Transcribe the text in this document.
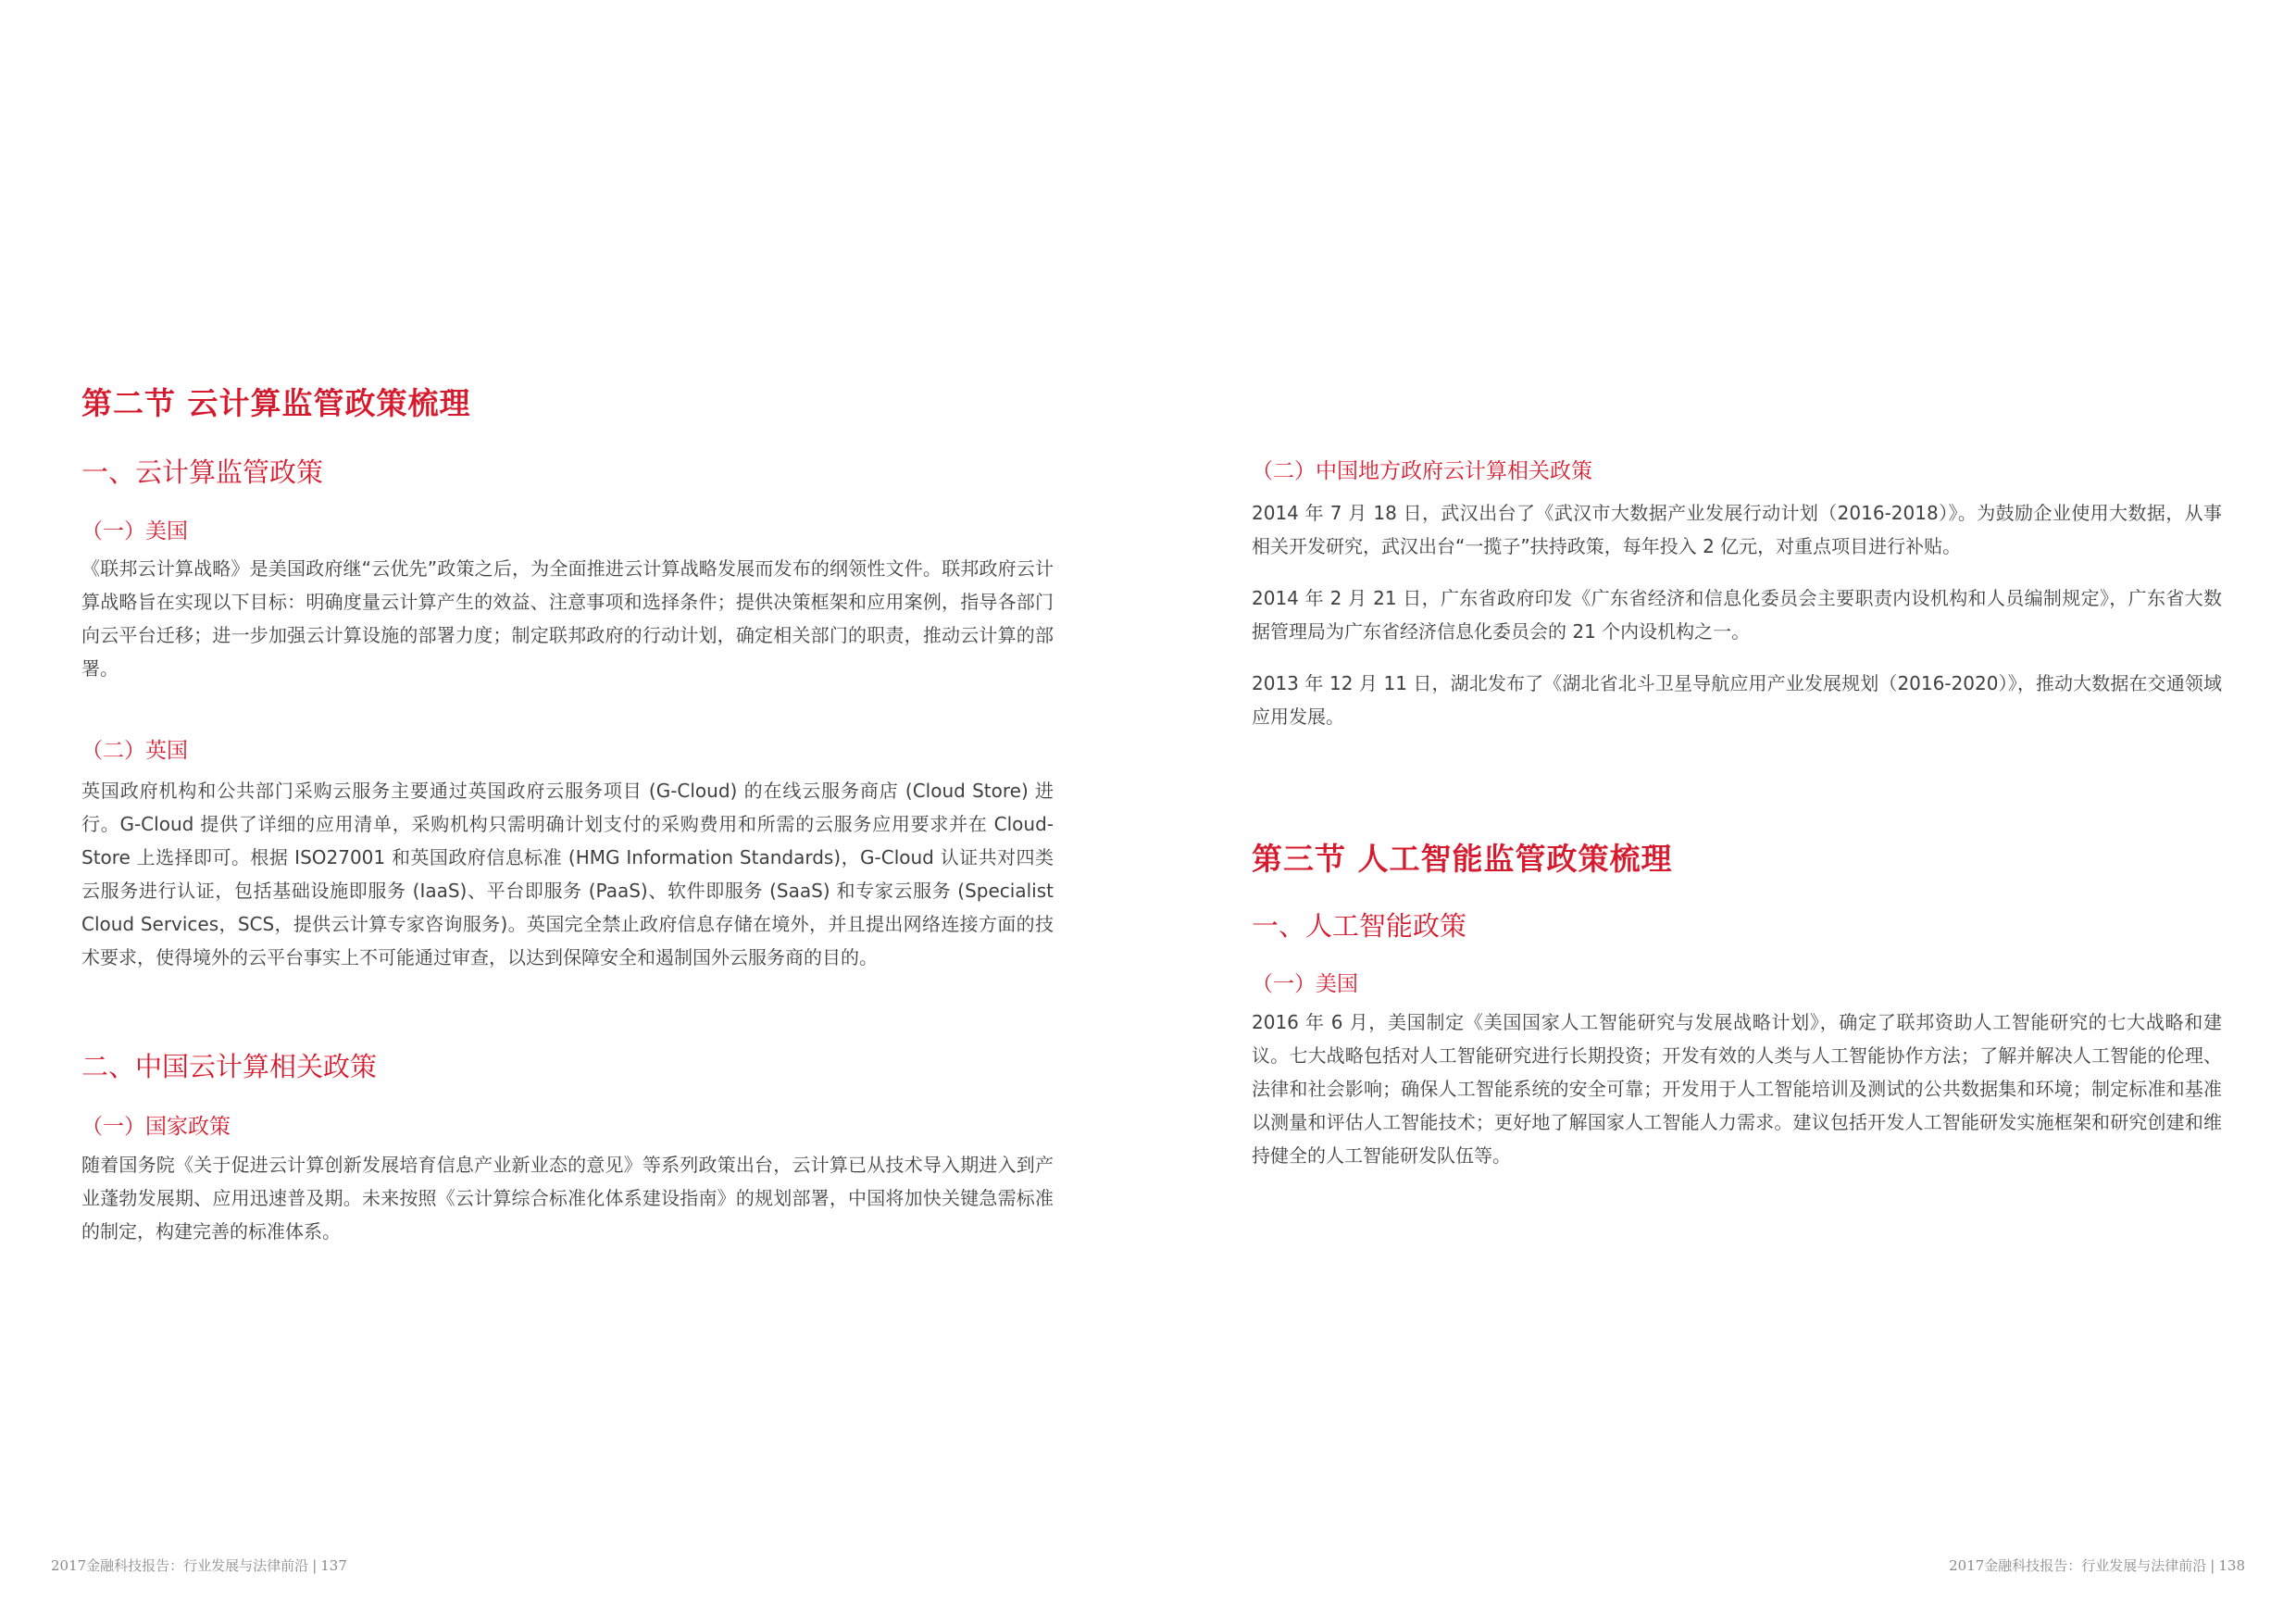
第二节 云计算监管政策梳理
一、云计算监管政策
（一）美国

《联邦云计算战略》是美国政府继“云优先”政策之后，为全面推进云计算战略发展而发布的纲领性文件。联邦政府云计算战略旨在实现以下目标：明确度量云计算产生的效益、注意事项和选择条件；提供决策框架和应用案例，指导各部门向云平台迁移；进一步加强云计算设施的部署力度；制定联邦政府的行动计划，确定相关部门的职责，推动云计算的部署。

（二）英国

英国政府机构和公共部门采购云服务主要通过英国政府云服务项目 (G-Cloud) 的在线云服务商店 (Cloud Store) 进行。G-Cloud 提供了详细的应用清单，采购机构只需明确计划支付的采购费用和所需的云服务应用要求并在 Cloud-Store 上选择即可。根据 ISO27001 和英国政府信息标准 (HMG Information Standards)，G-Cloud 认证共对四类云服务进行认证，包括基础设施即服务 (IaaS)、平台即服务 (PaaS)、软件即服务 (SaaS) 和专家云服务 (Specialist Cloud Services，SCS，提供云计算专家咨询服务)。英国完全禁止政府信息存储在境外，并且提出网络连接方面的技术要求，使得境外的云平台事实上不可能通过审查，以达到保障安全和遏制国外云服务商的目的。

二、中国云计算相关政策
（一）国家政策

随着国务院《关于促进云计算创新发展培育信息产业新业态的意见》等系列政策出台，云计算已从技术导入期进入到产业蓬勃发展期、应用迅速普及期。未来按照《云计算综合标准化体系建设指南》的规划部署，中国将加快关键急需标准的制定，构建完善的标准体系。

（二）中国地方政府云计算相关政策

2014 年 7 月 18 日，武汉出台了《武汉市大数据产业发展行动计划（2016-2018）》。为鼓励企业使用大数据，从事相关开发研究，武汉出台“一揽子”扶持政策，每年投入 2 亿元，对重点项目进行补贴。

2014 年 2 月 21 日，广东省政府印发《广东省经济和信息化委员会主要职责内设机构和人员编制规定》，广东省大数据管理局为广东省经济信息化委员会的 21 个内设机构之一。

2013 年 12 月 11 日，湖北发布了《湖北省北斗卫星导航应用产业发展规划（2016-2020）》，推动大数据在交通领域应用发展。

第三节 人工智能监管政策梳理
一、人工智能政策
（一）美国

2016 年 6 月，美国制定《美国国家人工智能研究与发展战略计划》，确定了联邦资助人工智能研究的七大战略和建议。七大战略包括对人工智能研究进行长期投资；开发有效的人类与人工智能协作方法；了解并解决人工智能的伦理、法律和社会影响；确保人工智能系统的安全可靠；开发用于人工智能培训及测试的公共数据集和环境；制定标准和基准以测量和评估人工智能技术；更好地了解国家人工智能人力需求。建议包括开发人工智能研发实施框架和研究创建和维持健全的人工智能研发队伍等。

2017金融科技报告：行业发展与法律前沿 | 137	2017金融科技报告：行业发展与法律前沿 | 138
